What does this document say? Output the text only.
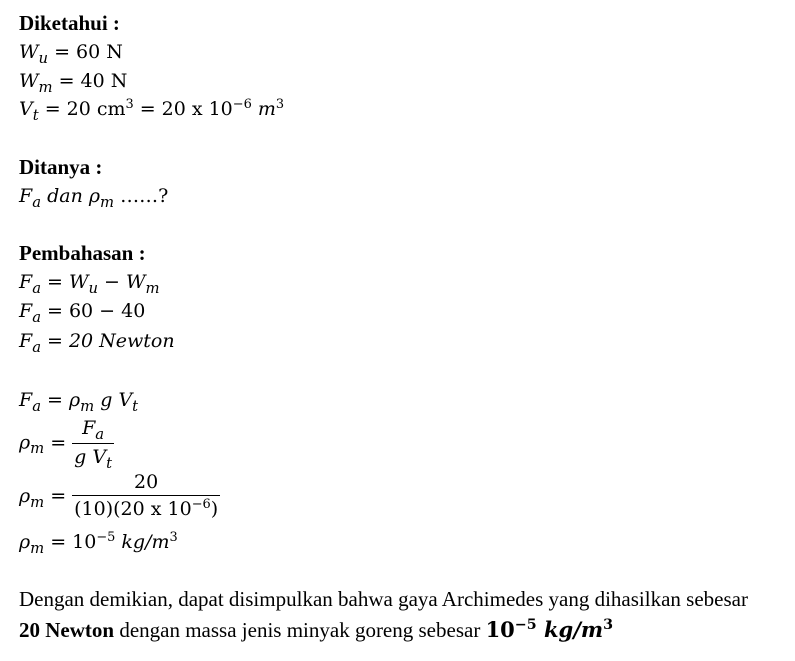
Diketahui :
$W_u = 60$ N
$W_m = 40$ N
$V_t = 20$ $cm^3 = 20$ x $10^{-6}$ $m^3$
Ditanya :
$F_a$ dan $\rho_m$ ……?
Pembahasan :
$F_a = W_u - W_m$
$F_a = 60 - 40$
$F_a = 20$ Newton
$F_a = \rho_m$ g $V_t$
$\rho_m = \frac{F_a}{g V_t}$
$\rho_m = \frac{20}{(10)(20 x 10^{-6})}$
$\rho_m = 10^{-5}$ $kg/m^3$
Dengan demikian, dapat disimpulkan bahwa gaya Archimedes yang dihasilkan sebesar
20 Newton dengan massa jenis minyak goreng sebesar $10^{-5}$ $kg/m^3$
